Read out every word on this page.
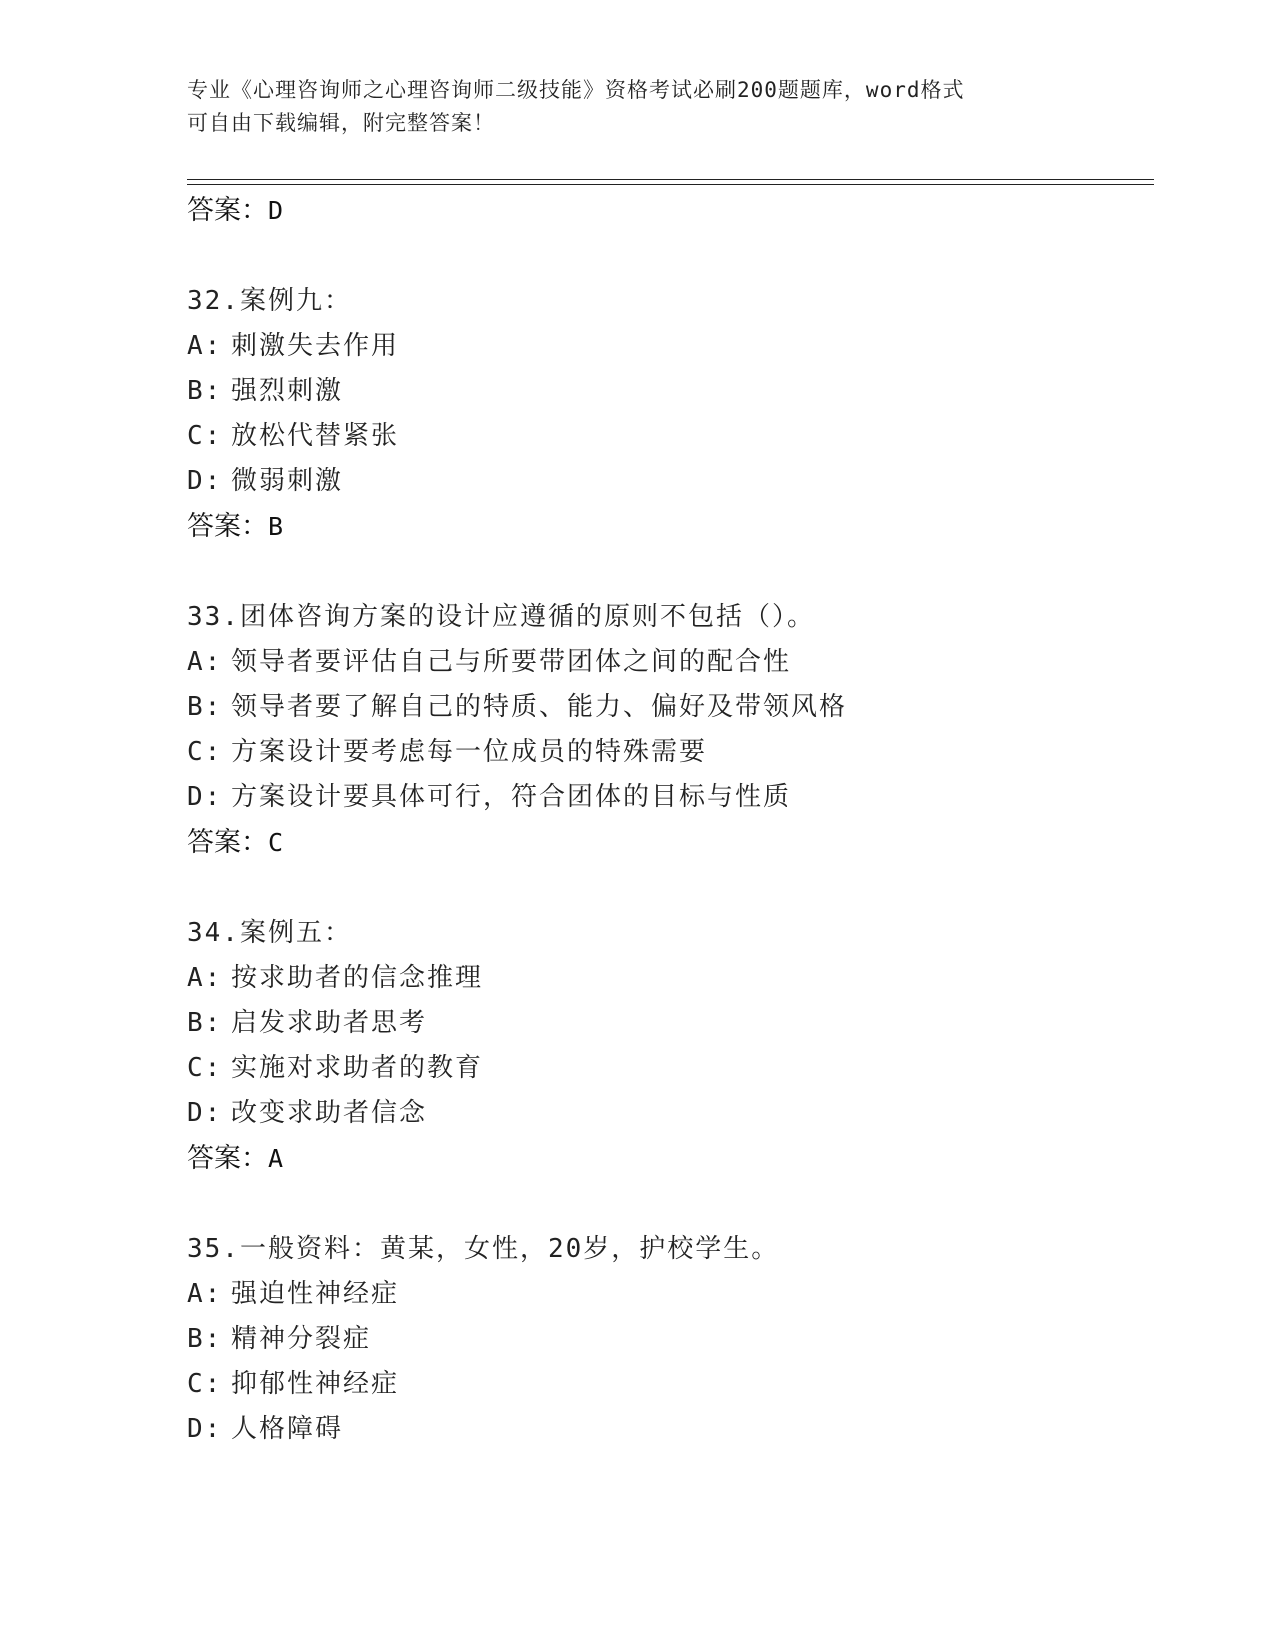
专业《心理咨询师之心理咨询师二级技能》资格考试必刷200题题库，word格式
可自由下载编辑，附完整答案！
答案：D
32.案例九：
A: 刺激失去作用
B: 强烈刺激
C: 放松代替紧张
D: 微弱刺激
答案：B
33.团体咨询方案的设计应遵循的原则不包括（）。
A: 领导者要评估自己与所要带团体之间的配合性
B: 领导者要了解自己的特质、能力、偏好及带领风格
C: 方案设计要考虑每一位成员的特殊需要
D: 方案设计要具体可行，符合团体的目标与性质
答案：C
34.案例五：
A: 按求助者的信念推理
B: 启发求助者思考
C: 实施对求助者的教育
D: 改变求助者信念
答案：A
35.一般资料：黄某，女性，20岁，护校学生。
A: 强迫性神经症
B: 精神分裂症
C: 抑郁性神经症
D: 人格障碍
